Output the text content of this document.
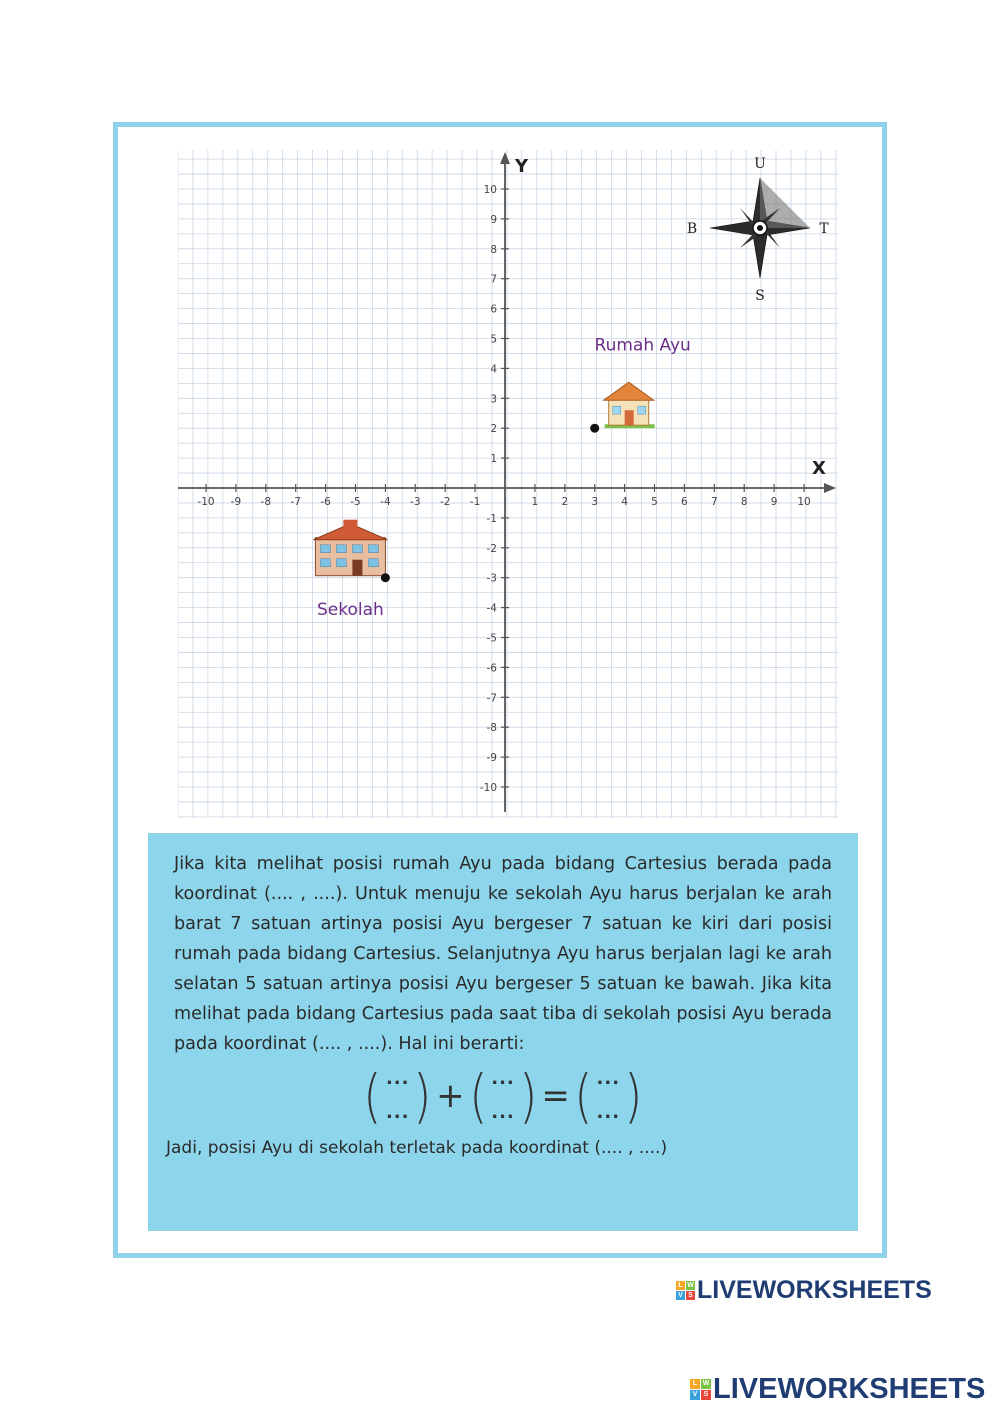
X
Y
-10 -9 -8 -7 -6 -5 -4 -3 -2 -1	1 2 3 4 5 6 7 8 9 10
10
9
8
7
6
5
4
3
2
1
-1
-2
-3
-4
-5
-6
-7
-8
-9
-10
U
S
T
B
Rumah Ayu
Sekolah

Jika kita melihat posisi rumah Ayu pada bidang Cartesius berada pada koordinat (.... , ....). Untuk menuju ke sekolah Ayu harus berjalan ke arah barat 7 satuan artinya posisi Ayu bergeser 7 satuan ke kiri dari posisi rumah pada bidang Cartesius. Selanjutnya Ayu harus berjalan lagi ke arah selatan 5 satuan artinya posisi Ayu bergeser 5 satuan ke bawah. Jika kita melihat pada bidang Cartesius pada saat tiba di sekolah posisi Ayu berada pada koordinat (.... , ....). Hal ini berarti:

( ...
... ) + ( ...
... ) = ( ...
... )

Jadi, posisi Ayu di sekolah terletak pada koordinat (.... , ....)

L W
V S LIVEWORKSHEETS
L W
V S LIVEWORKSHEETS
